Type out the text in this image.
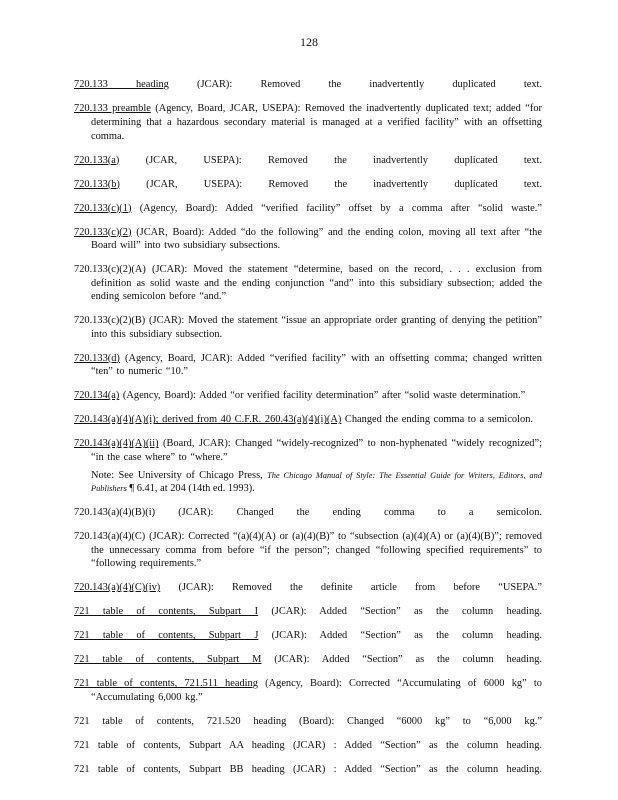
128

720.133 heading (JCAR): Removed the inadvertently duplicated text.

720.133 preamble (Agency, Board, JCAR, USEPA): Removed the inadvertently duplicated text; added “for determining that a hazardous secondary material is managed at a verified facility” with an offsetting comma.

720.133(a) (JCAR, USEPA): Removed the inadvertently duplicated text.

720.133(b) (JCAR, USEPA): Removed the inadvertently duplicated text.

720.133(c)(1) (Agency, Board): Added “verified facility” offset by a comma after “solid waste.”

720.133(c)(2) (JCAR, Board): Added “do the following” and the ending colon, moving all text after “the Board will” into two subsidiary subsections.

720.133(c)(2)(A) (JCAR): Moved the statement “determine, based on the record, . . . exclusion from definition as solid waste and the ending conjunction “and” into this subsidiary subsection; added the ending semicolon before “and.”

720.133(c)(2)(B) (JCAR): Moved the statement “issue an appropriate order granting of denying the petition” into this subsidiary subsection.

720.133(d) (Agency, Board, JCAR): Added “verified facility” with an offsetting comma; changed written “ten” to numeric “10.”

720.134(a) (Agency, Board): Added “or verified facility determination” after “solid waste determination.”

720.143(a)(4)(A)(i); derived from 40 C.F.R. 260.43(a)(4)(i)(A) Changed the ending comma to a semicolon.

720.143(a)(4)(A)(ii) (Board, JCAR): Changed “widely-recognized” to non-hyphenated “widely recognized”; “in the case where” to “where.”

Note: See University of Chicago Press, The Chicago Manual of Style: The Essential Guide for Writers, Editors, and Publishers ¶ 6.41, at 204 (14th ed. 1993).

720.143(a)(4)(B)(i) (JCAR): Changed the ending comma to a semicolon.

720.143(a)(4)(C) (JCAR): Corrected “(a)(4)(A) or (a)(4)(B)” to “subsection (a)(4)(A) or (a)(4)(B)”; removed the unnecessary comma from before “if the person”; changed “following specified requirements” to “following requirements.”

720.143(a)(4)(C)(iv) (JCAR): Removed the definite article from before “USEPA.”

721 table of contents, Subpart I (JCAR): Added “Section” as the column heading.

721 table of contents, Subpart J (JCAR): Added “Section” as the column heading.

721 table of contents, Subpart M (JCAR): Added “Section” as the column heading.

721 table of contents, 721.511 heading (Agency, Board): Corrected “Accumulating of 6000 kg” to “Accumulating 6,000 kg.”

721 table of contents, 721.520 heading (Board): Changed “6000 kg” to “6,000 kg.”

721 table of contents, Subpart AA heading (JCAR) : Added “Section” as the column heading.

721 table of contents, Subpart BB heading (JCAR) : Added “Section” as the column heading.
